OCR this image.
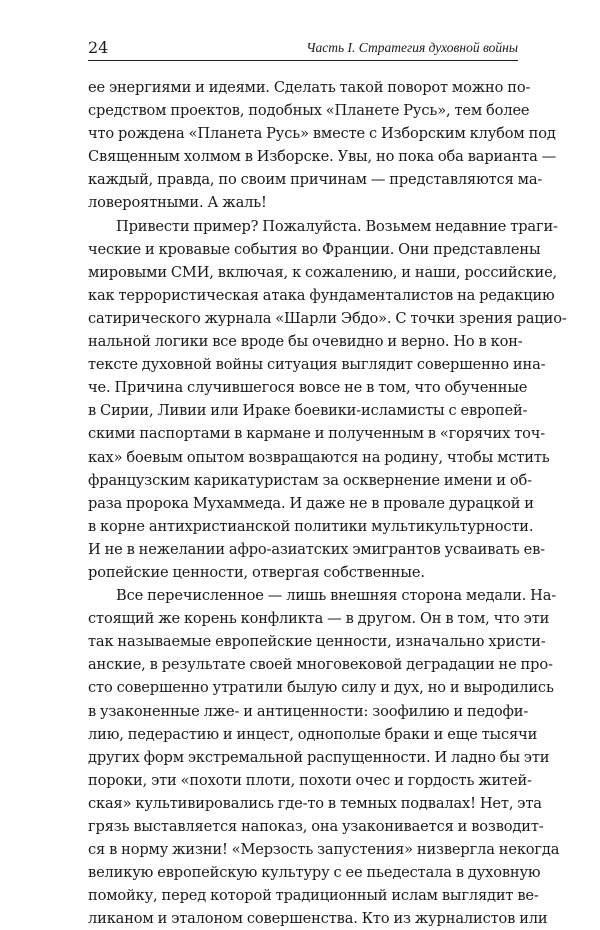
24	Часть I. Стратегия духовной войны
ее энергиями и идеями. Сделать такой поворот можно по-
средством проектов, подобных «Планете Русь», тем более
что рождена «Планета Русь» вместе с Изборским клубом под
Священным холмом в Изборске. Увы, но пока оба варианта —
каждый, правда, по своим причинам — представляются ма-
ловероятными. А жаль!
Привести пример? Пожалуйста. Возьмем недавние траги-
ческие и кровавые события во Франции. Они представлены
мировыми СМИ, включая, к сожалению, и наши, российские,
как террористическая атака фундаменталистов на редакцию
сатирического журнала «Шарли Эбдо». С точки зрения рацио-
нальной логики все вроде бы очевидно и верно. Но в кон-
тексте духовной войны ситуация выглядит совершенно ина-
че. Причина случившегося вовсе не в том, что обученные
в Сирии, Ливии или Ираке боевики-исламисты с европей-
скими паспортами в кармане и полученным в «горячих точ-
ках» боевым опытом возвращаются на родину, чтобы мстить
французским карикатуристам за осквернение имени и об-
раза пророка Мухаммеда. И даже не в провале дурацкой и
в корне антихристианской политики мультикультурности.
И не в нежелании афро-азиатских эмигрантов усваивать ев-
ропейские ценности, отвергая собственные.
Все перечисленное — лишь внешняя сторона медали. На-
стоящий же корень конфликта — в другом. Он в том, что эти
так называемые европейские ценности, изначально христи-
анские, в результате своей многовековой деградации не про-
сто совершенно утратили былую силу и дух, но и выродились
в узаконенные лже- и антиценности: зоофилию и педофи-
лию, педерастию и инцест, однополые браки и еще тысячи
других форм экстремальной распущенности. И ладно бы эти
пороки, эти «похоти плоти, похоти очес и гордость житей-
ская» культивировались где-то в темных подвалах! Нет, эта
грязь выставляется напоказ, она узаконивается и возводит-
ся в норму жизни! «Мерзость запустения» низвергла некогда
великую европейскую культуру с ее пьедестала в духовную
помойку, перед которой традиционный ислам выглядит ве-
ликаном и эталоном совершенства. Кто из журналистов или
